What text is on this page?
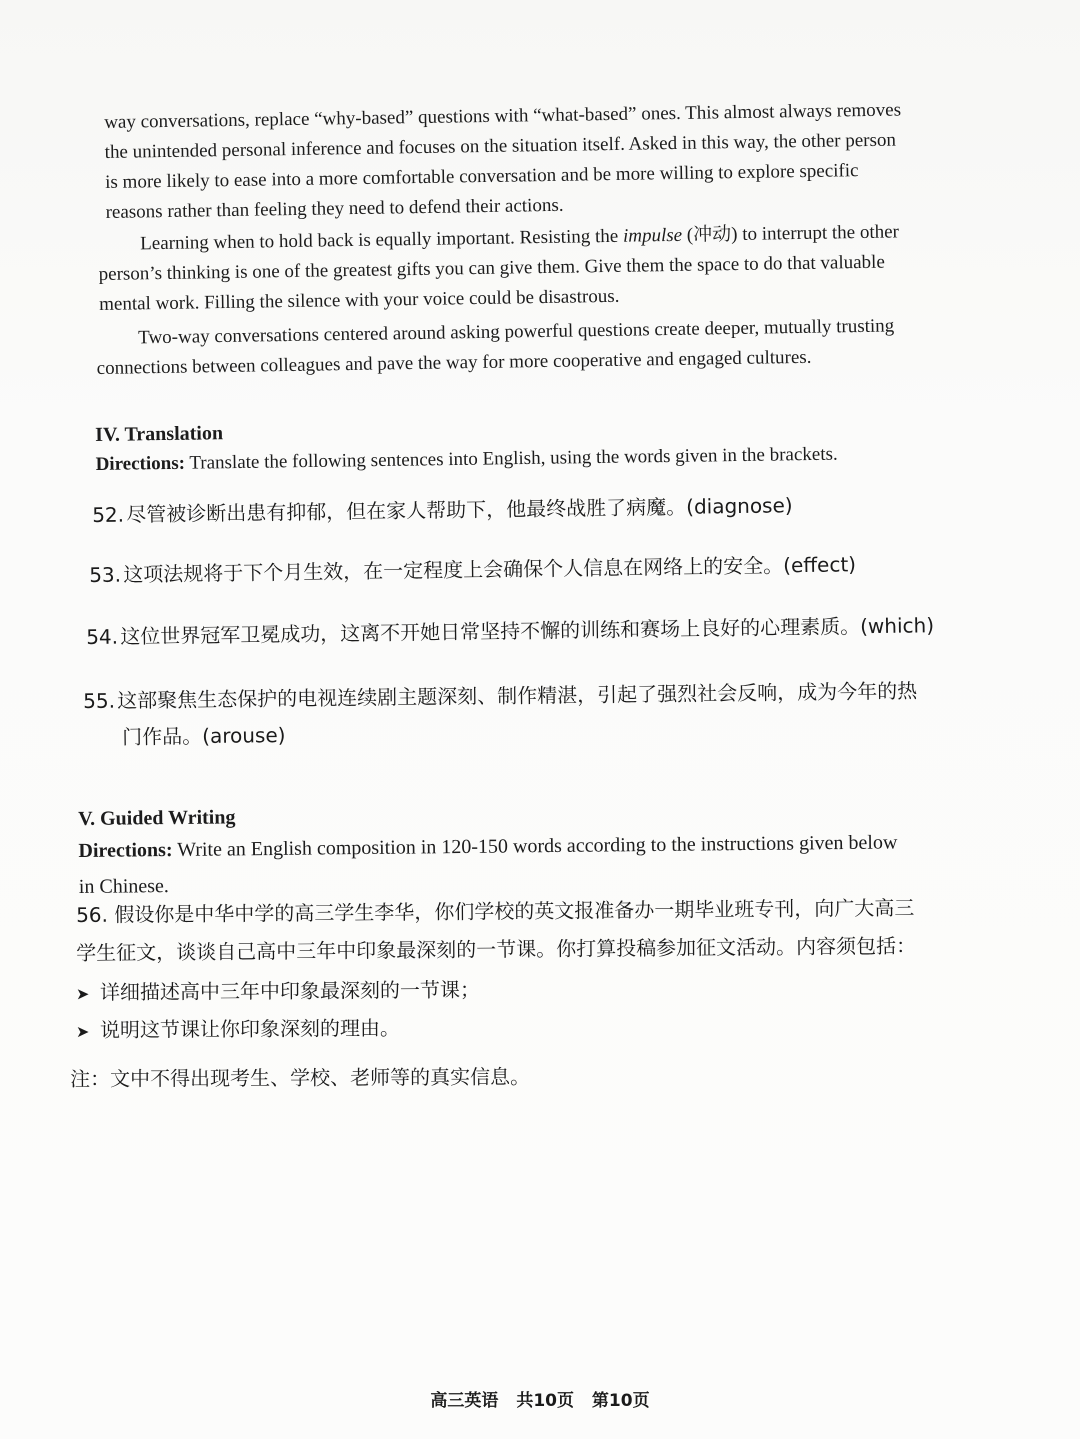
way conversations, replace “why-based” questions with “what-based” ones. This almost always removes
the unintended personal inference and focuses on the situation itself. Asked in this way, the other person
is more likely to ease into a more comfortable conversation and be more willing to explore specific
reasons rather than feeling they need to defend their actions.
Learning when to hold back is equally important. Resisting the impulse (冲动) to interrupt the other
person’s thinking is one of the greatest gifts you can give them. Give them the space to do that valuable
mental work. Filling the silence with your voice could be disastrous.
Two-way conversations centered around asking powerful questions create deeper, mutually trusting
connections between colleagues and pave the way for more cooperative and engaged cultures.
IV. Translation
Directions: Translate the following sentences into English, using the words given in the brackets.
52.尽管被诊断出患有抑郁，但在家人帮助下，他最终战胜了病魔。(diagnose)
53.这项法规将于下个月生效，在一定程度上会确保个人信息在网络上的安全。(effect)
54.这位世界冠军卫冕成功，这离不开她日常坚持不懈的训练和赛场上良好的心理素质。(which)
55.这部聚焦生态保护的电视连续剧主题深刻、制作精湛，引起了强烈社会反响，成为今年的热
门作品。(arouse)
V. Guided Writing
Directions: Write an English composition in 120-150 words according to the instructions given below
in Chinese.
56. 假设你是中华中学的高三学生李华，你们学校的英文报准备办一期毕业班专刊，向广大高三
学生征文，谈谈自己高中三年中印象最深刻的一节课。你打算投稿参加征文活动。内容须包括：
➤ 详细描述高中三年中印象最深刻的一节课；
➤ 说明这节课让你印象深刻的理由。
注：文中不得出现考生、学校、老师等的真实信息。
高三英语 共10页 第10页
